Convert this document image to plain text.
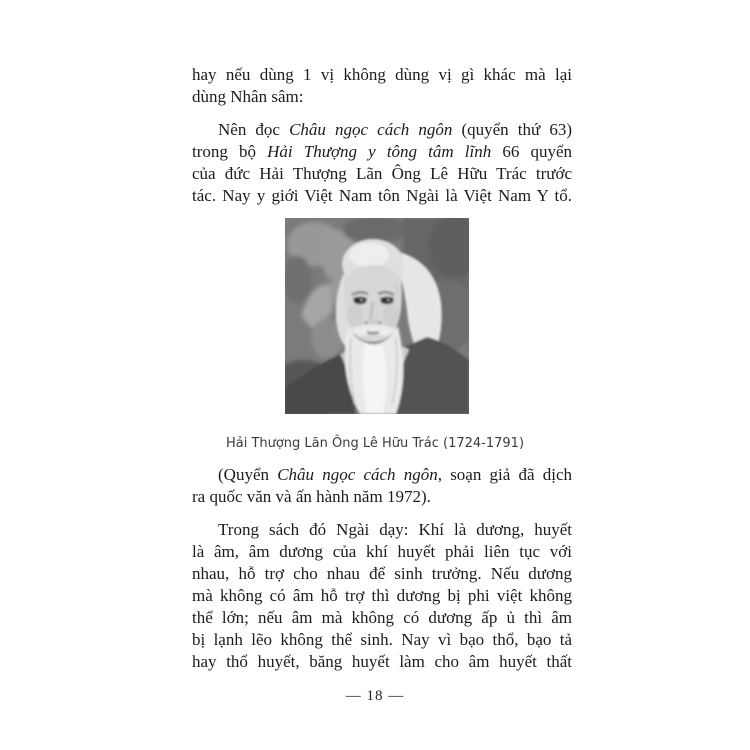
hay nếu dùng 1 vị không dùng vị gì khác mà lại
dùng Nhân sâm:
Nên đọc Châu ngọc cách ngôn (quyển thứ 63)
trong bộ Hải Thượng y tông tâm lĩnh 66 quyển
của đức Hải Thượng Lãn Ông Lê Hữu Trác trước
tác. Nay y giới Việt Nam tôn Ngài là Việt Nam Y tổ.
Hải Thượng Lãn Ông Lê Hữu Trác (1724-1791)
(Quyển Châu ngọc cách ngôn, soạn giả đã dịch
ra quốc văn và ấn hành năm 1972).
Trong sách đó Ngài dạy: Khí là dương, huyết
là âm, âm dương của khí huyết phải liên tục với
nhau, hỗ trợ cho nhau để sinh trưởng. Nếu dương
mà không có âm hỗ trợ thì dương bị phi việt không
thể lớn; nếu âm mà không có dương ấp ủ thì âm
bị lạnh lẽo không thể sinh. Nay vì bạo thổ, bạo tả
hay thổ huyết, băng huyết làm cho âm huyết thất
— 18 —
